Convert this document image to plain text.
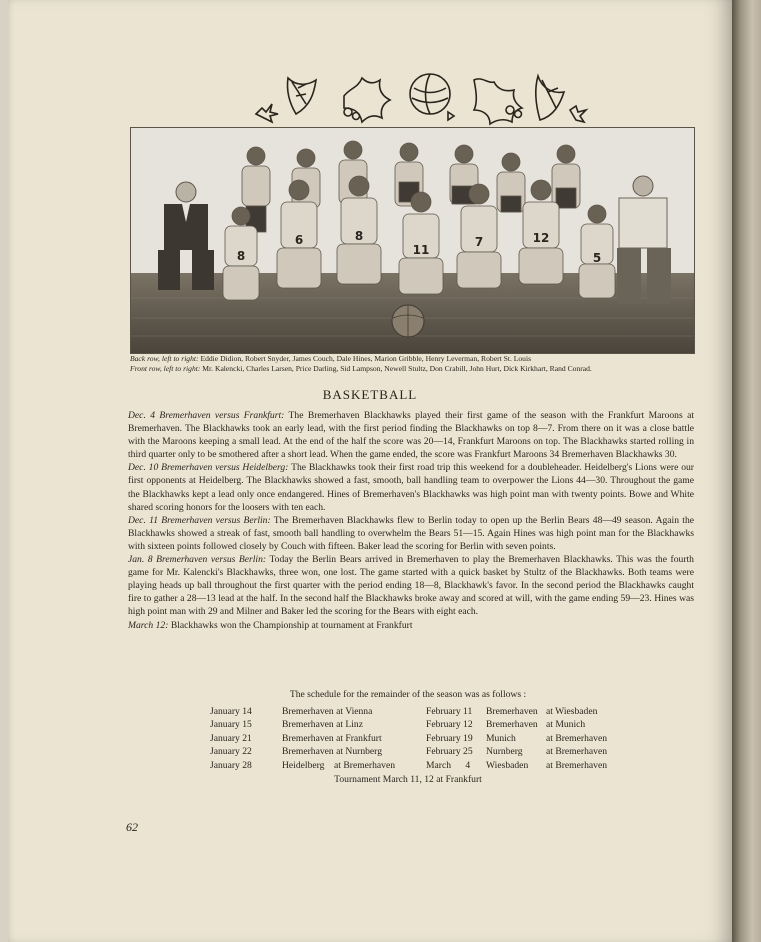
8
6	8
11
7	12
5
Back row, left to right: Eddie Didion, Robert Snyder, James Couch, Dale Hines, Marion Gribble, Henry Leverman, Robert St. Louis
Front row, left to right: Mr. Kalencki, Charles Larsen, Price Darling, Sid Lampson, Newell Stultz, Don Crabill, John Hurt, Dick Kirkhart, Rand Conrad.
BASKETBALL

Dec. 4 Bremerhaven versus Frankfurt: The Bremerhaven Blackhawks played their first game of the season with the Frankfurt Maroons at Bremerhaven. The Blackhawks took an early lead, with the first period finding the Blackhawks on top 8—7. From there on it was a close battle with the Maroons keeping a small lead. At the end of the half the score was 20—14, Frankfurt Maroons on top. The Blackhawks started rolling in third quarter only to be smothered after a short lead. When the game ended, the score was Frankfurt Maroons 34 Bremerhaven Blackhawks 30.

Dec. 10 Bremerhaven versus Heidelberg: The Blackhawks took their first road trip this weekend for a doubleheader. Heidelberg's Lions were our first opponents at Heidelberg. The Blackhawks showed a fast, smooth, ball handling team to overpower the Lions 44—30. Throughout the game the Blackhawks kept a lead only once endangered. Hines of Bremerhaven's Blackhawks was high point man with twenty points. Bowe and White shared scoring honors for the loosers with ten each.

Dec. 11 Bremerhaven versus Berlin: The Bremerhaven Blackhawks flew to Berlin today to open up the Berlin Bears 48—49 season. Again the Blackhawks showed a streak of fast, smooth ball handling to overwhelm the Bears 51—15. Again Hines was high point man for the Blackhawks with sixteen points followed closely by Couch with fifteen. Baker lead the scoring for Berlin with seven points.

Jan. 8 Bremerhaven versus Berlin: Today the Berlin Bears arrived in Bremerhaven to play the Bremerhaven Blackhawks. This was the fourth game for Mr. Kalencki's Blackhawks, three won, one lost. The game started with a quick basket by Stultz of the Blackhawks. Both teams were playing heads up ball throughout the first quarter with the period ending 18—8, Blackhawk's favor. In the second period the Blackhawks caught fire to gather a 28—13 lead at the half. In the second half the Blackhawks broke away and scored at will, with the game ending 59—23. Hines was high point man with 29 and Milner and Baker led the scoring for the Bears with eight each.

March 12: Blackhawks won the Championship at tournament at Frankfurt

The schedule for the remainder of the season was as follows :
January 14	Bremerhaven at Vienna
January 15	Bremerhaven at Linz
January 21	Bremerhaven at Frankfurt
January 22	Bremerhaven at Nurnberg
January 28	Heidelberg    at Bremerhaven
February 11 Bremerhaven at Wiesbaden
February 12 Bremerhaven at Munich
February 19 Munich	at Bremerhaven
February 25 Nurnberg at Bremerhaven
March      4 Wiesbaden at Bremerhaven
Tournament March 11, 12 at Frankfurt
62
